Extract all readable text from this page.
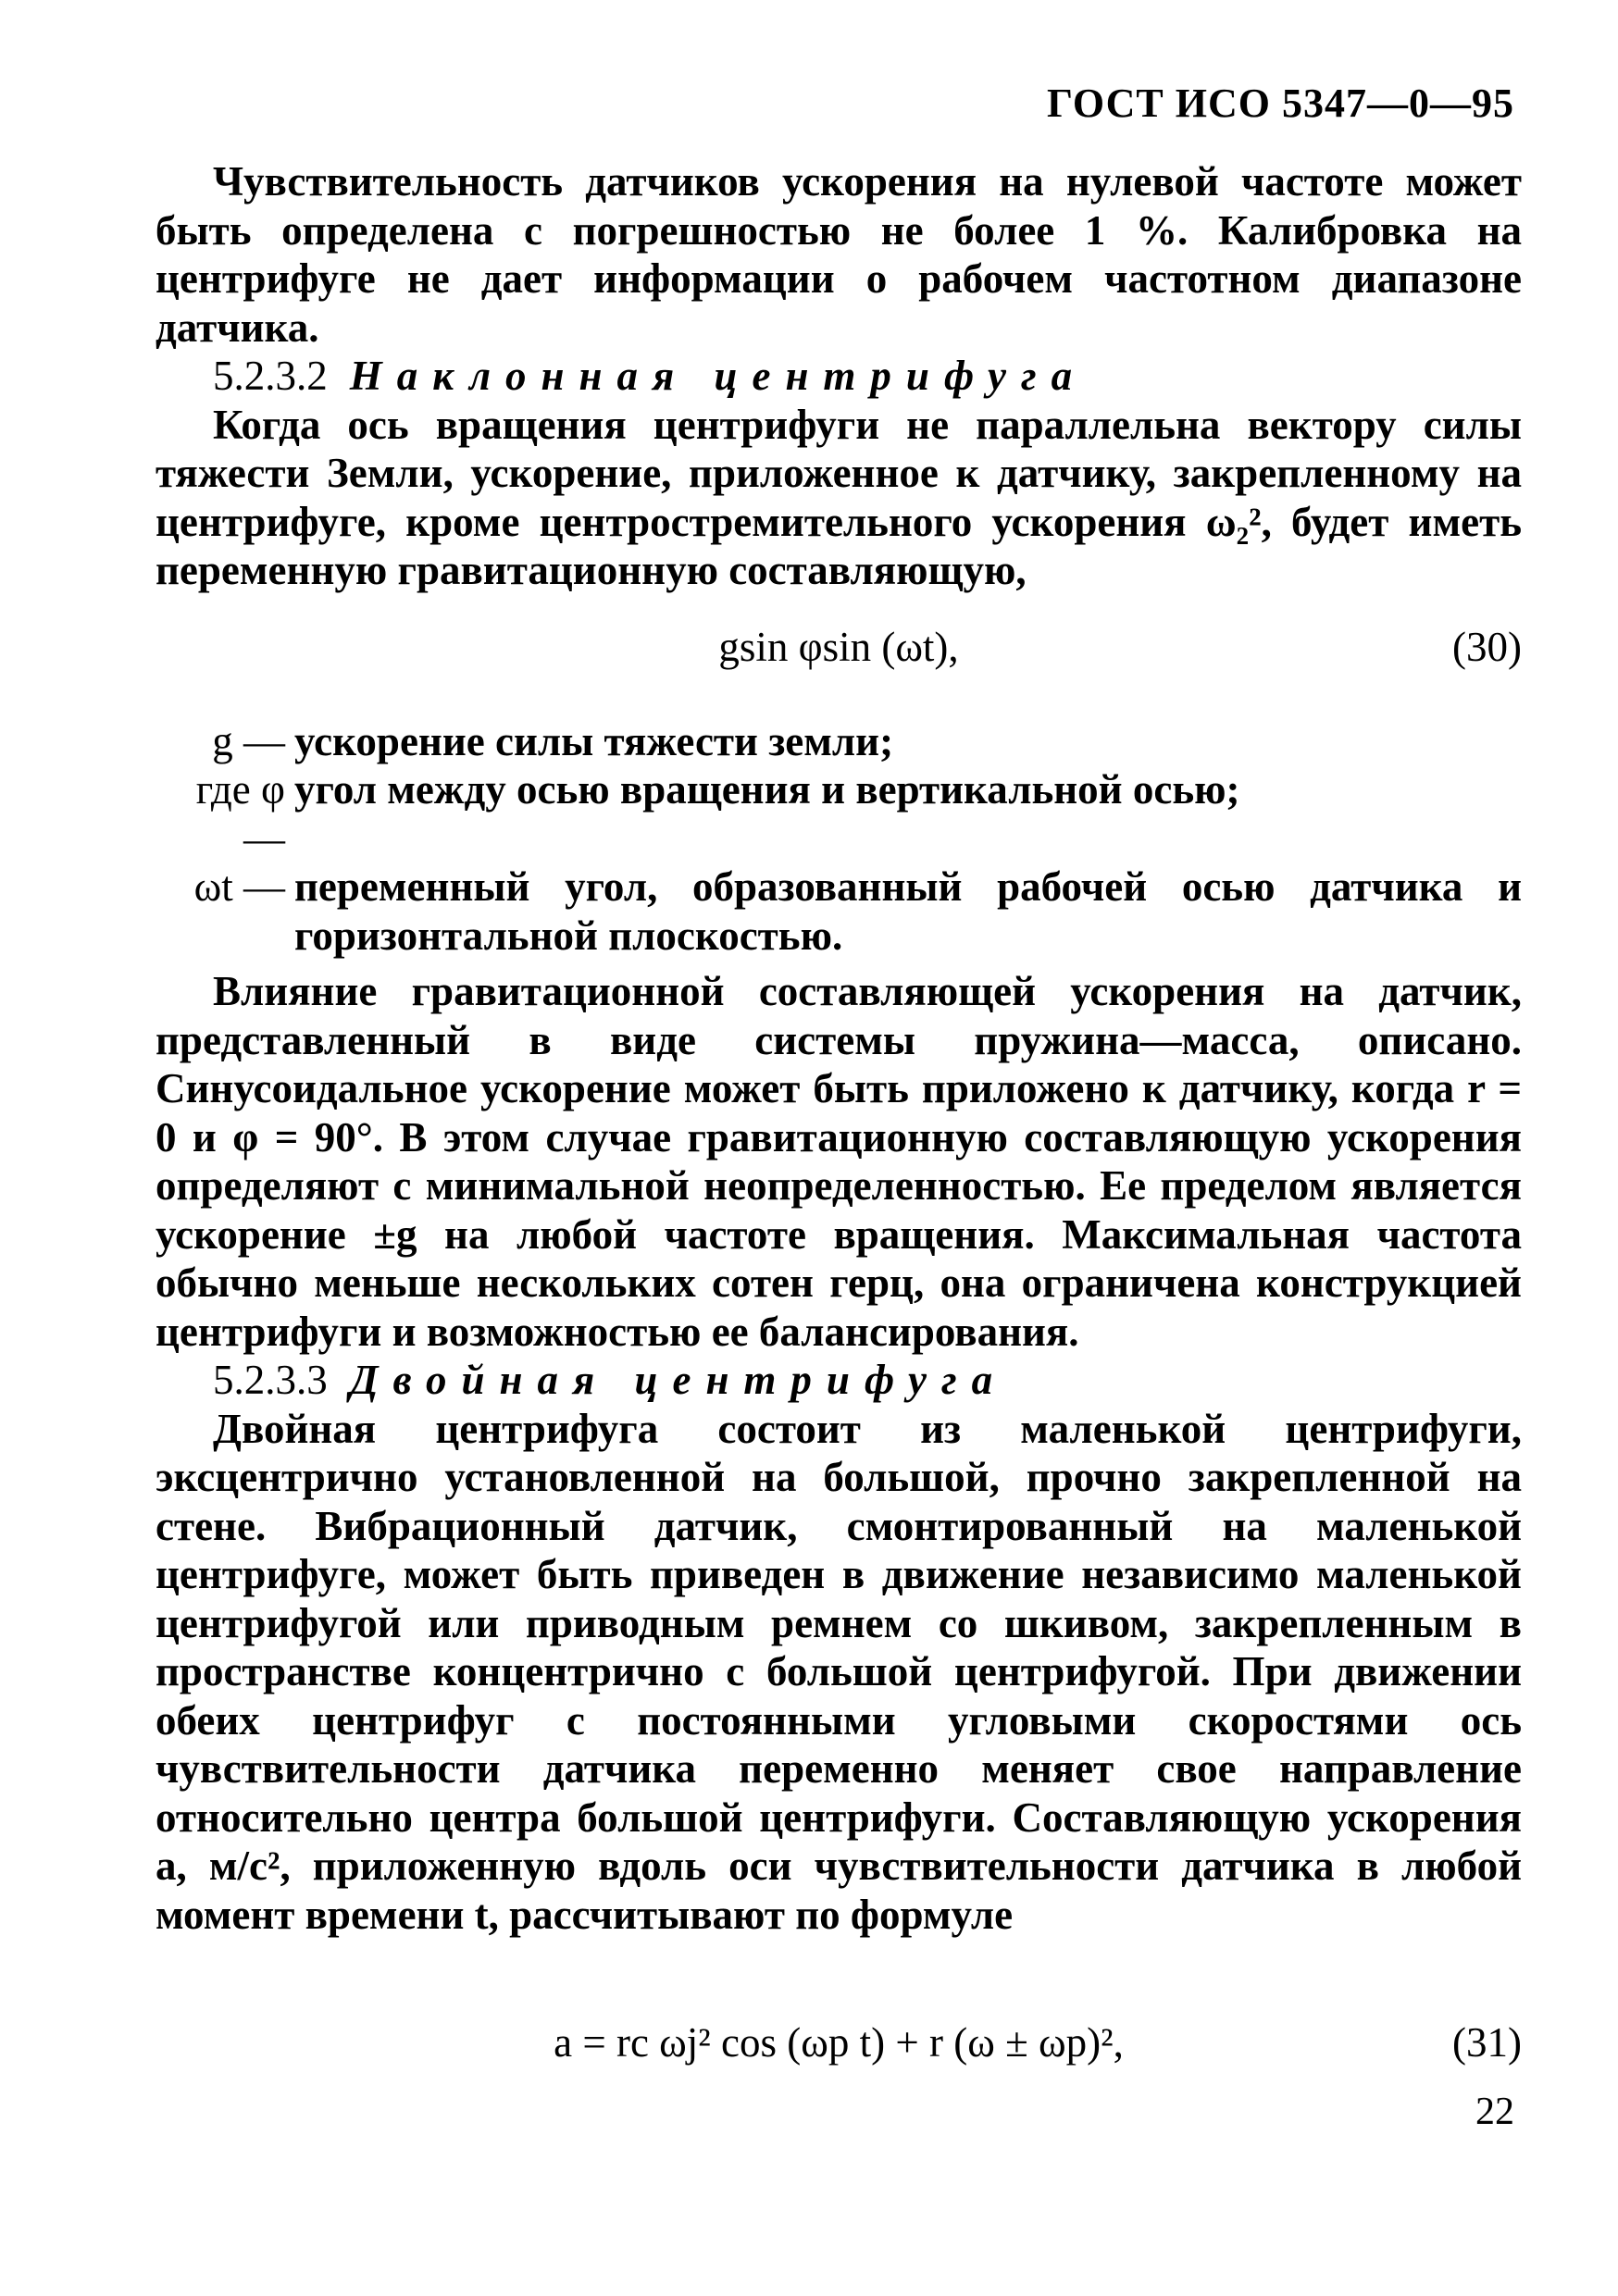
ГОСТ ИСО 5347—0—95

Чувствительность датчиков ускорения на нулевой частоте может быть определена с погрешностью не более 1 %. Калибровка на центрифуге не дает информации о рабочем частотном диапазоне датчика.

5.2.3.2 Наклонная центрифуга

Когда ось вращения центрифуги не параллельна вектору силы тяжести Земли, ускорение, приложенное к датчику, закрепленному на центрифуге, кроме центростремительного ускорения ω₂², будет иметь переменную гравитационную составляющую,

gsin φsin (ωt),	(30)
g — ускорение силы тяжести земли;
где φ —
угол между осью вращения и вертикальной осью;
ωt — переменный угол, образованный рабочей осью датчика и горизонтальной плоскостью.

Влияние гравитационной составляющей ускорения на датчик, представленный в виде системы пружина—масса, описано. Синусоидальное ускорение может быть приложено к датчику, когда r = 0 и φ = 90°. В этом случае гравитационную составляющую ускорения определяют с минимальной неопределенностью. Ее пределом является ускорение ±g на любой частоте вращения. Максимальная частота обычно меньше нескольких сотен герц, она ограничена конструкцией центрифуги и возможностью ее балансирования.

5.2.3.3 Двойная центрифуга

Двойная центрифуга состоит из маленькой центрифуги, эксцентрично установленной на большой, прочно закрепленной на стене. Вибрационный датчик, смонтированный на маленькой центрифуге, может быть приведен в движение независимо маленькой центрифугой или приводным ремнем со шкивом, закрепленным в пространстве концентрично с большой центрифугой. При движении обеих центрифуг с постоянными угловыми скоростями ось чувствительности датчика переменно меняет свое направление относительно центра большой центрифуги. Составляющую ускорения a, м/с², приложенную вдоль оси чувствительности датчика в любой момент времени t, рассчитывают по формуле

a = rc ωj² cos (ωp t) + r (ω ± ωp)²,	(31)
22
